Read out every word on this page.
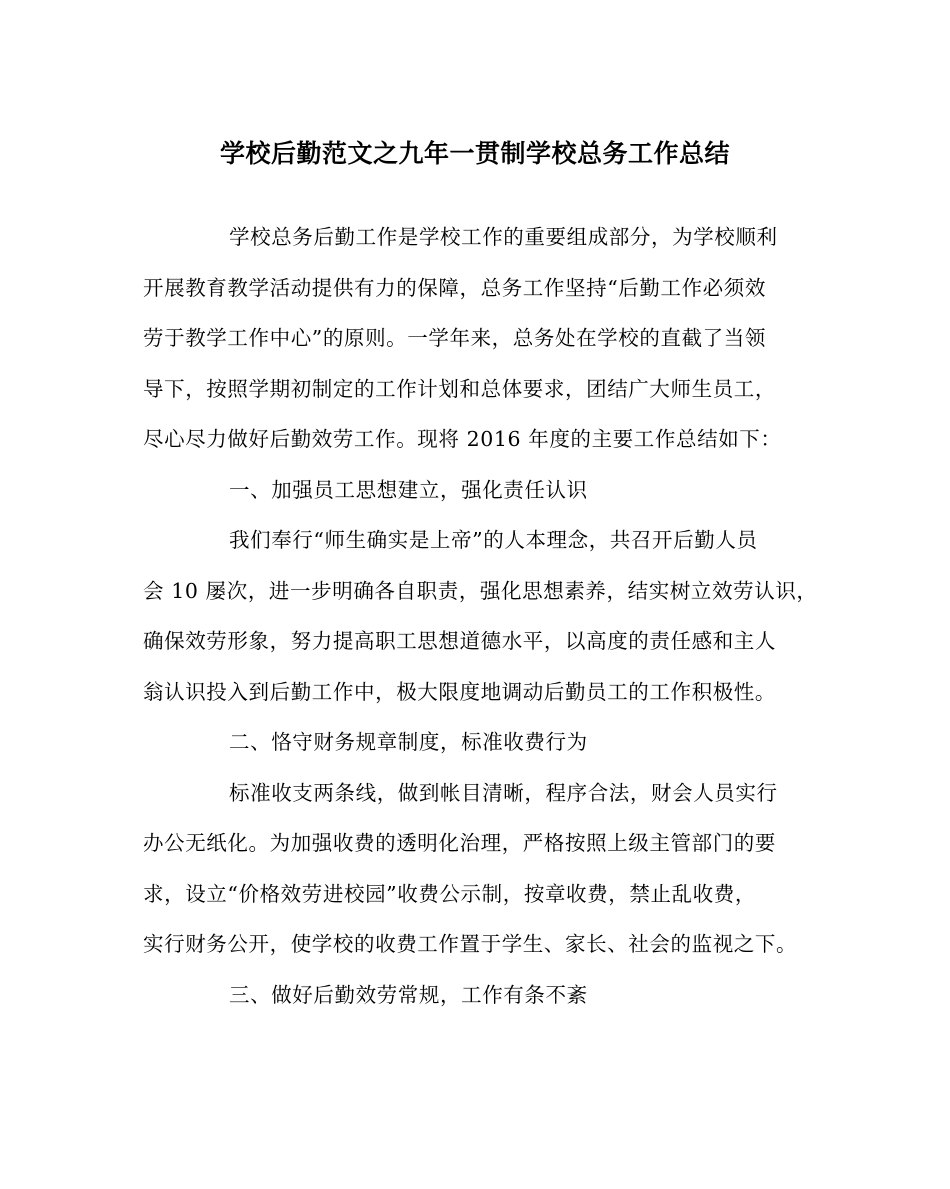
学校后勤范文之九年一贯制学校总务工作总结
学校总务后勤工作是学校工作的重要组成部分，为学校顺利
开展教育教学活动提供有力的保障，总务工作坚持“后勤工作必须效
劳于教学工作中心”的原则。一学年来，总务处在学校的直截了当领
导下，按照学期初制定的工作计划和总体要求，团结广大师生员工，
尽心尽力做好后勤效劳工作。现将 2016 年度的主要工作总结如下：
一、加强员工思想建立，强化责任认识
我们奉行“师生确实是上帝”的人本理念，共召开后勤人员
会 10 屡次，进一步明确各自职责，强化思想素养，结实树立效劳认识，
确保效劳形象，努力提高职工思想道德水平，以高度的责任感和主人
翁认识投入到后勤工作中，极大限度地调动后勤员工的工作积极性。
二、恪守财务规章制度，标准收费行为
标准收支两条线，做到帐目清晰，程序合法，财会人员实行
办公无纸化。为加强收费的透明化治理，严格按照上级主管部门的要
求，设立“价格效劳进校园”收费公示制，按章收费，禁止乱收费，
实行财务公开，使学校的收费工作置于学生、家长、社会的监视之下。
三、做好后勤效劳常规，工作有条不紊
